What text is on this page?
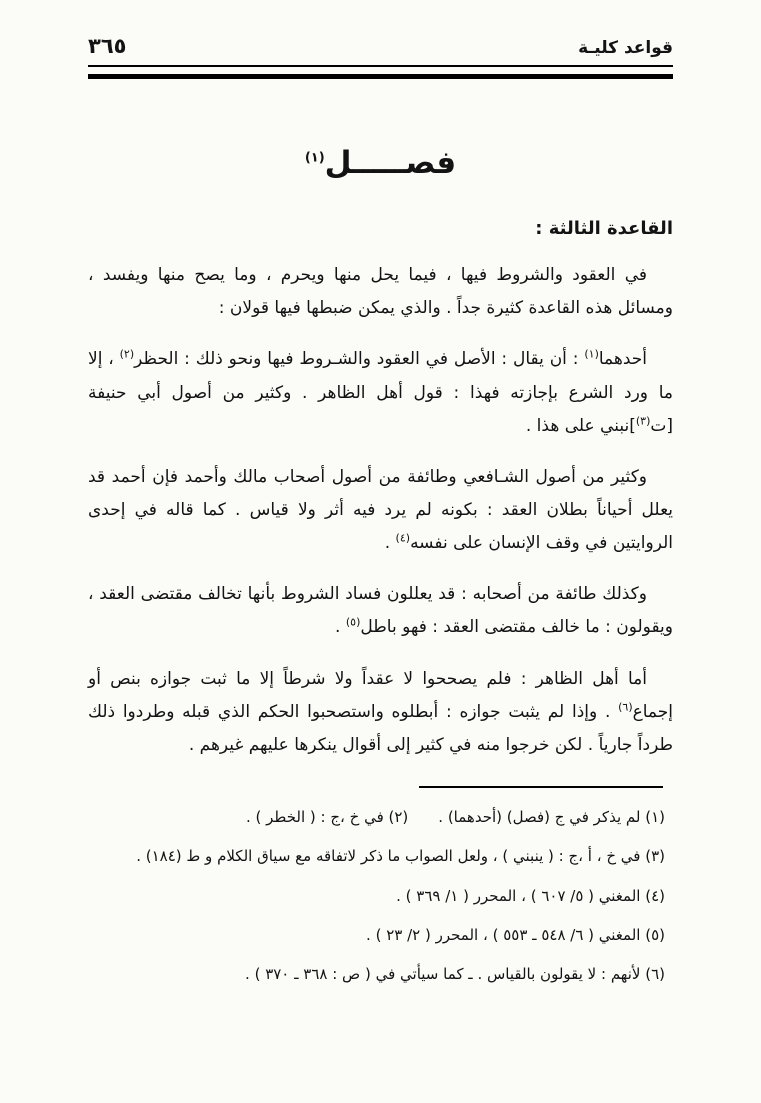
قواعد كليـة
٣٦٥
فصـــــل$^{(١)}$
القاعدة الثالثة :

في العقود والشروط فيها ، فيما يحل منها ويحرم ، وما يصح منها ويفسد ، ومسائل هذه القاعدة كثيرة جداً . والذي يمكن ضبطها فيها قولان :

أحدهما$^{(١)}$ : أن يقال : الأصل في العقود والشـروط فيها ونحو ذلك : الحظر$^{(٢)}$ ، إلا ما ورد الشرع بإجازته فهذا : قول أهل الظاهر . وكثير من أصول أبي حنيفة [ت$^{(٣)}$]نبني على هذا .

وكثير من أصول الشـافعي وطائفة من أصول أصحاب مالك وأحمد فإن أحمد قد يعلل أحياناً بطلان العقد : بكونه لم يرد فيه أثر ولا قياس . كما قاله في إحدى الروايتين في وقف الإنسان على نفسه$^{(٤)}$ .

وكذلك طائفة من أصحابه : قد يعللون فساد الشروط بأنها تخالف مقتضى العقد ، ويقولون : ما خالف مقتضى العقد : فهو باطل$^{(٥)}$ .

أما أهل الظاهر : فلم يصححوا لا عقداً ولا شرطاً إلا ما ثبت جوازه بنص أو إجماع$^{(٦)}$ . وإذا لم يثبت جوازه : أبطلوه واستصحبوا الحكم الذي قبله وطردوا ذلك طرداً جارياً . لكن خرجوا منه في كثير إلى أقوال ينكرها عليهم غيرهم .

(١) لم يذكر في ج (فصل) (أحدهما) .
(٢) في خ ،ج : ( الخطر ) .
(٣) في خ ، أ ،ج : ( ينبني ) ، ولعل الصواب ما ذكر لاتفاقه مع سياق الكلام و ط (١٨٤) .
(٤) المغني ( ٥/ ٦٠٧ ) ، المحرر ( ١/ ٣٦٩ ) .
(٥) المغني ( ٦/ ٥٤٨ ـ ٥٥٣ ) ، المحرر ( ٢/ ٢٣ ) .
(٦) لأنهم : لا يقولون بالقياس . ـ كما سيأتي في ( ص : ٣٦٨ ـ ٣٧٠ ) .
